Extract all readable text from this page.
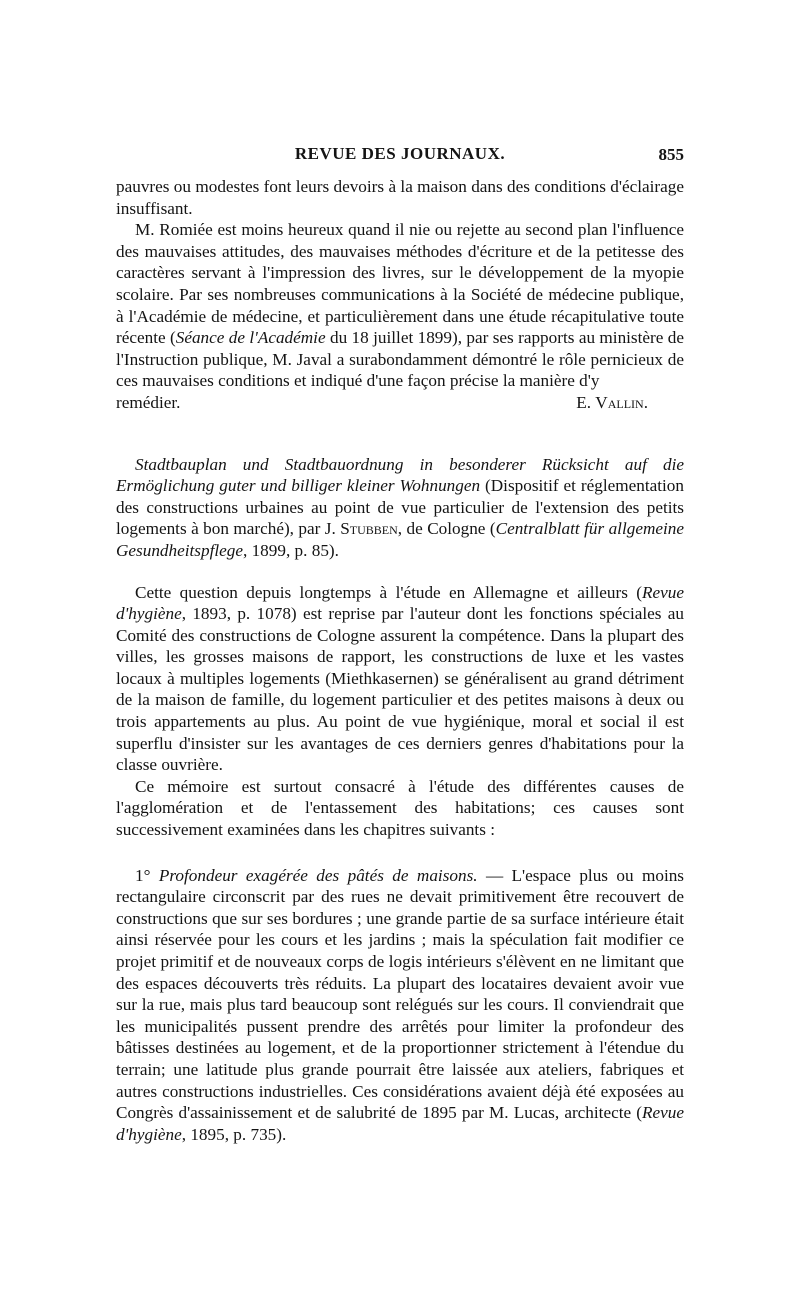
REVUE DES JOURNAUX.	855

pauvres ou modestes font leurs devoirs à la maison dans des conditions d'éclairage insuffisant.

M. Romiée est moins heureux quand il nie ou rejette au second plan l'influence des mauvaises attitudes, des mauvaises méthodes d'écriture et de la petitesse des caractères servant à l'impression des livres, sur le développement de la myopie scolaire. Par ses nombreuses communications à la Société de médecine publique, à l'Académie de médecine, et particulièrement dans une étude récapitulative toute récente (Séance de l'Académie du 18 juillet 1899), par ses rapports au ministère de l'Instruction publique, M. Javal a surabondamment démontré le rôle pernicieux de ces mauvaises conditions et indiqué d'une façon précise la manière d'y

remédier.	E. Vallin.

Stadtbauplan und Stadtbauordnung in besonderer Rücksicht auf die Ermöglichung guter und billiger kleiner Wohnungen (Dispositif et réglementation des constructions urbaines au point de vue particulier de l'extension des petits logements à bon marché), par J. Stubben, de Cologne (Centralblatt für allgemeine Gesundheitspflege, 1899, p. 85).

Cette question depuis longtemps à l'étude en Allemagne et ailleurs (Revue d'hygiène, 1893, p. 1078) est reprise par l'auteur dont les fonctions spéciales au Comité des constructions de Cologne assurent la compétence. Dans la plupart des villes, les grosses maisons de rapport, les constructions de luxe et les vastes locaux à multiples logements (Miethkasernen) se généralisent au grand détriment de la maison de famille, du logement particulier et des petites maisons à deux ou trois appartements au plus. Au point de vue hygiénique, moral et social il est superflu d'insister sur les avantages de ces derniers genres d'habitations pour la classe ouvrière.

Ce mémoire est surtout consacré à l'étude des différentes causes de l'agglomération et de l'entassement des habitations; ces causes sont successivement examinées dans les chapitres suivants :

1° Profondeur exagérée des pâtés de maisons. — L'espace plus ou moins rectangulaire circonscrit par des rues ne devait primitivement être recouvert de constructions que sur ses bordures ; une grande partie de sa surface intérieure était ainsi réservée pour les cours et les jardins ; mais la spéculation fait modifier ce projet primitif et de nouveaux corps de logis intérieurs s'élèvent en ne limitant que des espaces découverts très réduits. La plupart des locataires devaient avoir vue sur la rue, mais plus tard beaucoup sont relégués sur les cours. Il conviendrait que les municipalités pussent prendre des arrêtés pour limiter la profondeur des bâtisses destinées au logement, et de la proportionner strictement à l'étendue du terrain; une latitude plus grande pourrait être laissée aux ateliers, fabriques et autres constructions industrielles. Ces considérations avaient déjà été exposées au Congrès d'assainissement et de salubrité de 1895 par M. Lucas, architecte (Revue d'hygiène, 1895, p. 735).
